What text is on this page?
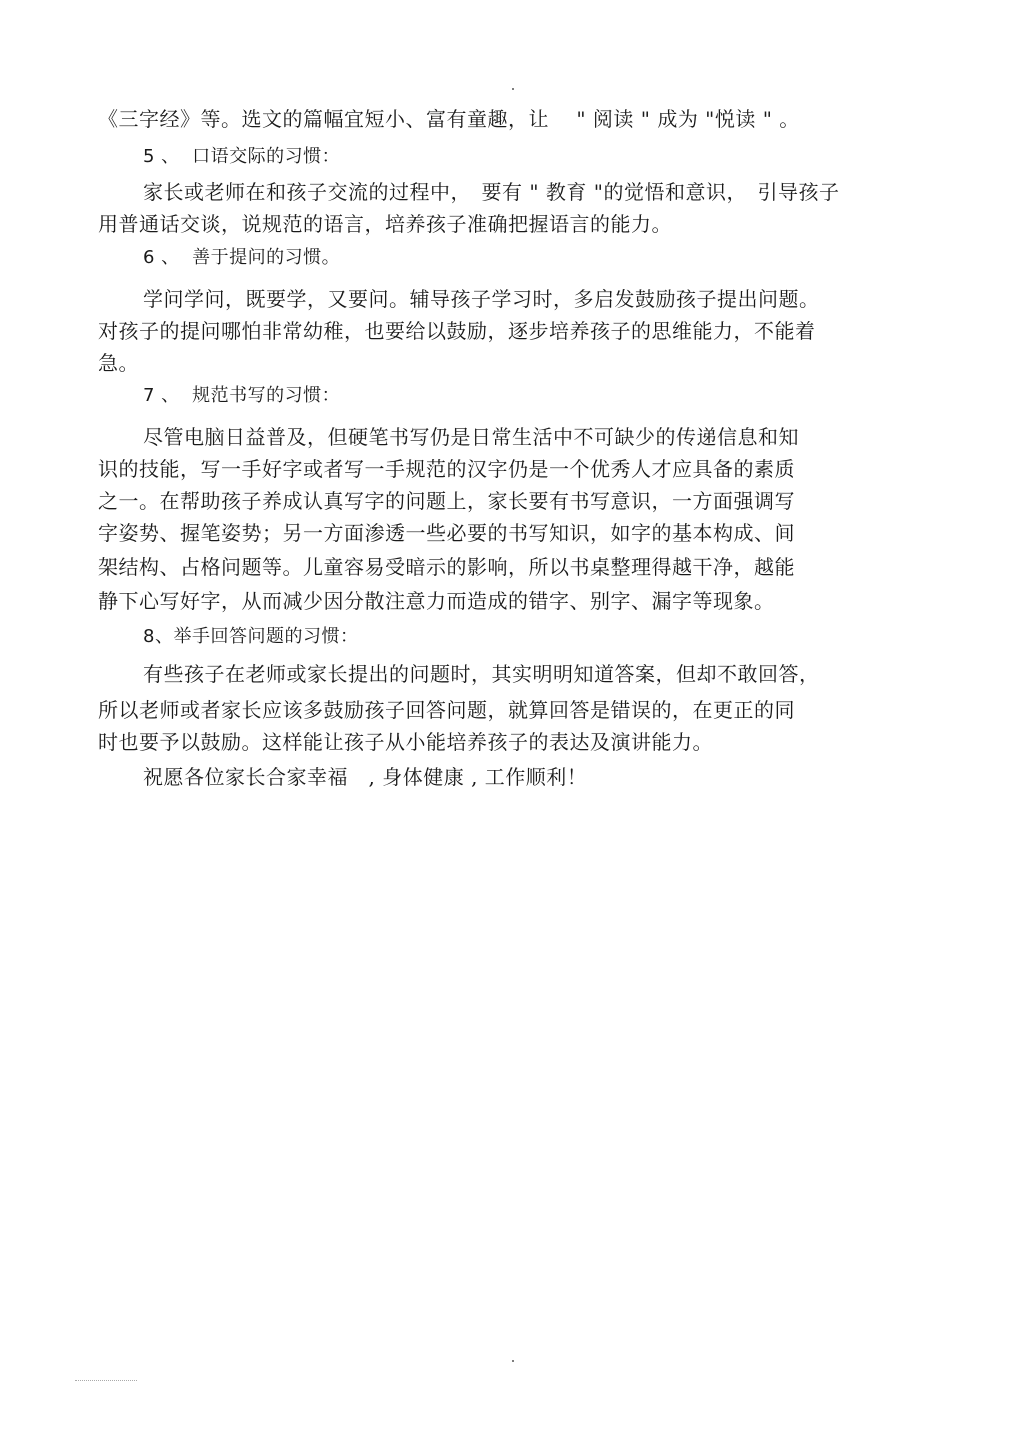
《三字经》等。选文的篇幅宜短小、富有童趣，让　 " 阅读 " 成为 "悦读 " 。
5 、  口语交际的习惯：
家长或老师在和孩子交流的过程中，　要有 " 教育 "的觉悟和意识，　引导孩子
用普通话交谈，说规范的语言，培养孩子准确把握语言的能力。
6 、  善于提问的习惯。
学问学问，既要学，又要问。辅导孩子学习时，多启发鼓励孩子提出问题。
对孩子的提问哪怕非常幼稚，也要给以鼓励，逐步培养孩子的思维能力，不能着
急。
7 、  规范书写的习惯：
尽管电脑日益普及，但硬笔书写仍是日常生活中不可缺少的传递信息和知
识的技能，写一手好字或者写一手规范的汉字仍是一个优秀人才应具备的素质
之一。在帮助孩子养成认真写字的问题上，家长要有书写意识，一方面强调写
字姿势、握笔姿势；另一方面渗透一些必要的书写知识，如字的基本构成、间
架结构、占格问题等。儿童容易受暗示的影响，所以书桌整理得越干净，越能
静下心写好字，从而减少因分散注意力而造成的错字、别字、漏字等现象。
8、举手回答问题的习惯：
有些孩子在老师或家长提出的问题时，其实明明知道答案，但却不敢回答，
所以老师或者家长应该多鼓励孩子回答问题，就算回答是错误的，在更正的同
时也要予以鼓励。这样能让孩子从小能培养孩子的表达及演讲能力。
祝愿各位家长合家幸福　, 身体健康 , 工作顺利！
